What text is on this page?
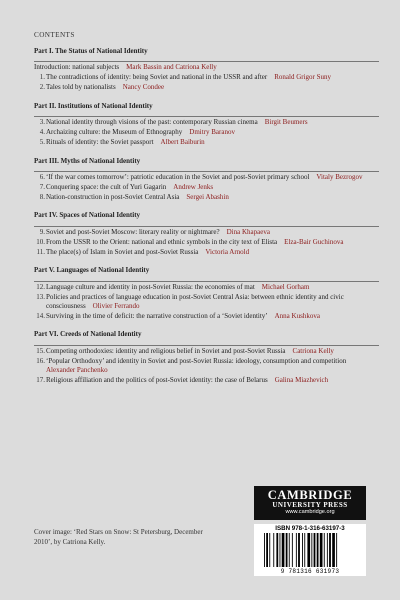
CONTENTS
Part I. The Status of National Identity
Introduction: national subjects  Mark Bassin and Catriona Kelly
1. The contradictions of identity: being Soviet and national in the USSR and after  Ronald Grigor Suny
2. Tales told by nationalists  Nancy Condee
Part II. Institutions of National Identity
3. National identity through visions of the past: contemporary Russian cinema  Birgit Beumers
4. Archaizing culture: the Museum of Ethnography  Dmitry Baranov
5. Rituals of identity: the Soviet passport  Albert Baiburin
Part III. Myths of National Identity
6. ‘If the war comes tomorrow’: patriotic education in the Soviet and post-Soviet primary school  Vitaly Bezrogov
7. Conquering space: the cult of Yuri Gagarin  Andrew Jenks
8. Nation-construction in post-Soviet Central Asia  Sergei Abashin
Part IV. Spaces of National Identity
9. Soviet and post-Soviet Moscow: literary reality or nightmare?  Dina Khapaeva
10. From the USSR to the Orient: national and ethnic symbols in the city text of Elista  Elza-Bair Guchinova
11. The place(s) of Islam in Soviet and post-Soviet Russia  Victoria Arnold
Part V. Languages of National Identity
12. Language culture and identity in post-Soviet Russia: the economies of mat  Michael Gorham
13. Policies and practices of language education in post-Soviet Central Asia: between ethnic identity and civic consciousness  Olivier Ferrando
14. Surviving in the time of deficit: the narrative construction of a ‘Soviet identity’  Anna Kushkova
Part VI. Creeds of National Identity
15. Competing orthodoxies: identity and religious belief in Soviet and post-Soviet Russia  Catriona Kelly
16. ‘Popular Orthodoxy’ and identity in Soviet and post-Soviet Russia: ideology, consumption and competition Alexander Panchenko
17. Religious affiliation and the politics of post-Soviet identity: the case of Belarus  Galina Miazhevich
Cover image: ‘Red Stars on Snow: St Petersburg, December 2010’, by Catriona Kelly.
CAMBRIDGE
UNIVERSITY PRESS
www.cambridge.org
ISBN 978-1-316-63197-3
9 781316 631973
